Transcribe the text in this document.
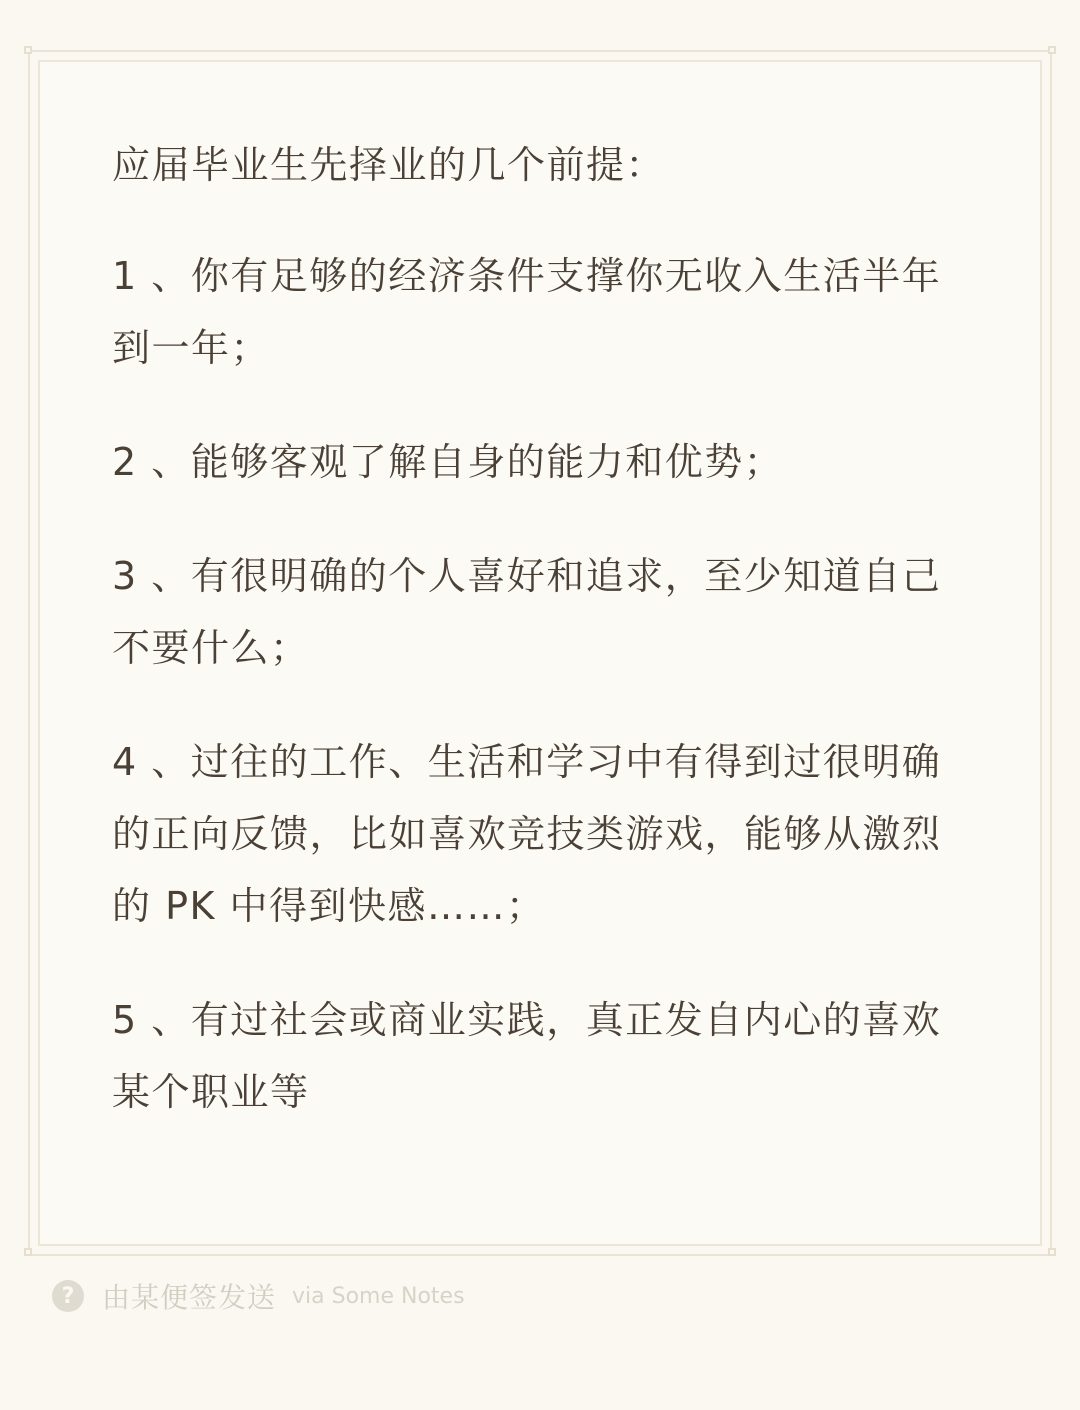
应届毕业生先择业的几个前提：

1 、你有足够的经济条件支撑你无收入生活半年到一年；

2 、能够客观了解自身的能力和优势；

3 、有很明确的个人喜好和追求，至少知道自己不要什么；

4 、过往的工作、生活和学习中有得到过很明确的正向反馈，比如喜欢竞技类游戏，能够从激烈的 PK 中得到快感……；

5 、有过社会或商业实践，真正发自内心的喜欢某个职业等

? 由某便签发送 via Some Notes
